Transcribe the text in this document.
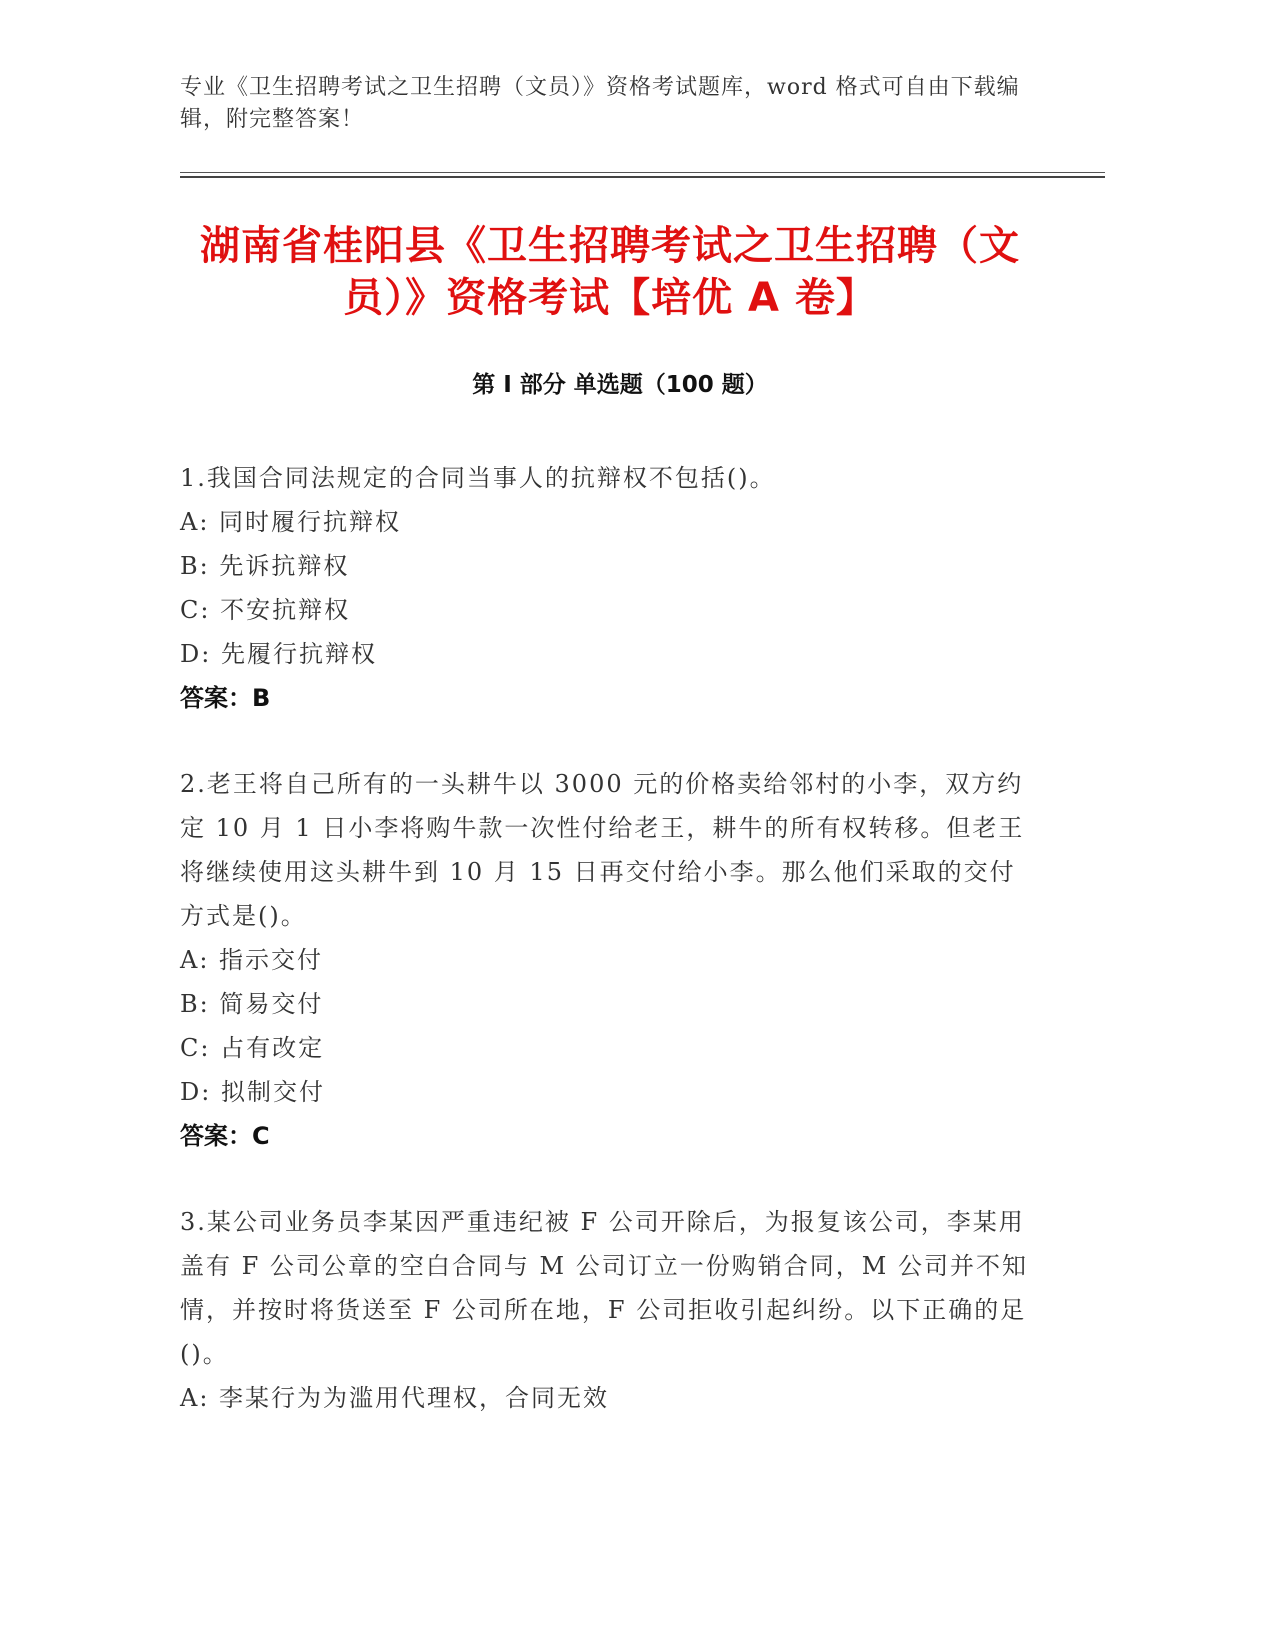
专业《卫生招聘考试之卫生招聘（文员）》资格考试题库，word 格式可自由下载编辑，附完整答案！
湖南省桂阳县《卫生招聘考试之卫生招聘（文员）》资格考试【培优 A 卷】
第 I 部分 单选题（100 题）

1.我国合同法规定的合同当事人的抗辩权不包括()。

A: 同时履行抗辩权

B: 先诉抗辩权

C: 不安抗辩权

D: 先履行抗辩权

答案：B

2.老王将自己所有的一头耕牛以 3000 元的价格卖给邻村的小李，双方约定 10 月 1 日小李将购牛款一次性付给老王，耕牛的所有权转移。但老王将继续使用这头耕牛到 10 月 15 日再交付给小李。那么他们采取的交付方式是()。

A: 指示交付

B: 简易交付

C: 占有改定

D: 拟制交付

答案：C

3.某公司业务员李某因严重违纪被 F 公司开除后，为报复该公司，李某用盖有 F 公司公章的空白合同与 M 公司订立一份购销合同，M 公司并不知情，并按时将货送至 F 公司所在地，F 公司拒收引起纠纷。以下正确的足()。

A: 李某行为为滥用代理权，合同无效
